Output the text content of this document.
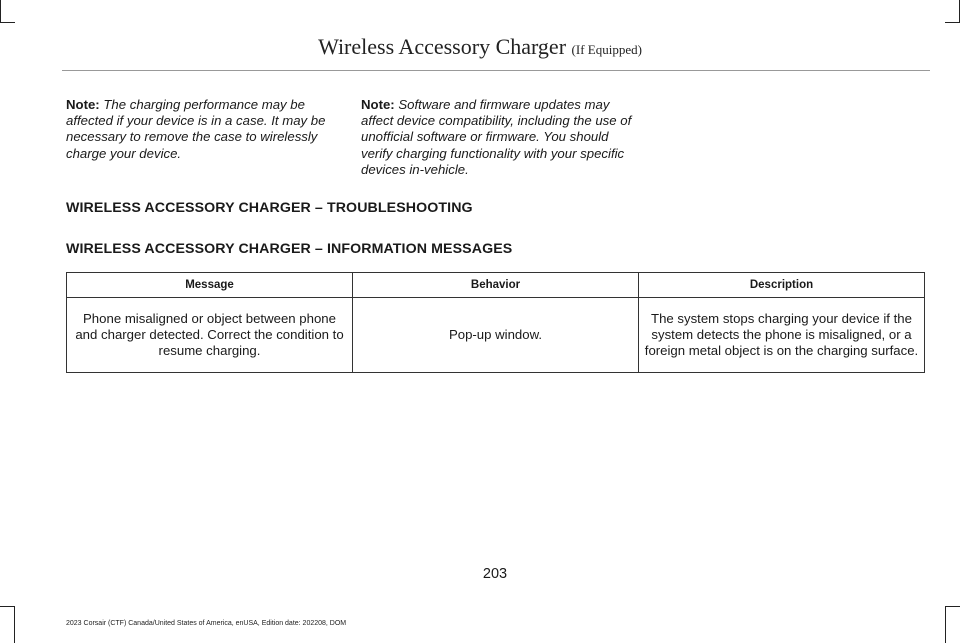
Wireless Accessory Charger (If Equipped)
Note: The charging performance may be affected if your device is in a case. It may be necessary to remove the case to wirelessly charge your device.
Note: Software and firmware updates may affect device compatibility, including the use of unofficial software or firmware. You should verify charging functionality with your specific devices in-vehicle.
WIRELESS ACCESSORY CHARGER – TROUBLESHOOTING
WIRELESS ACCESSORY CHARGER – INFORMATION MESSAGES
Message	Behavior	Description
Phone misaligned or object between phone and charger detected. Correct the condition to resume charging.	Pop-up window.	The system stops charging your device if the system detects the phone is misaligned, or a foreign metal object is on the charging surface.
203
2023 Corsair (CTF) Canada/United States of America, enUSA, Edition date: 202208, DOM
